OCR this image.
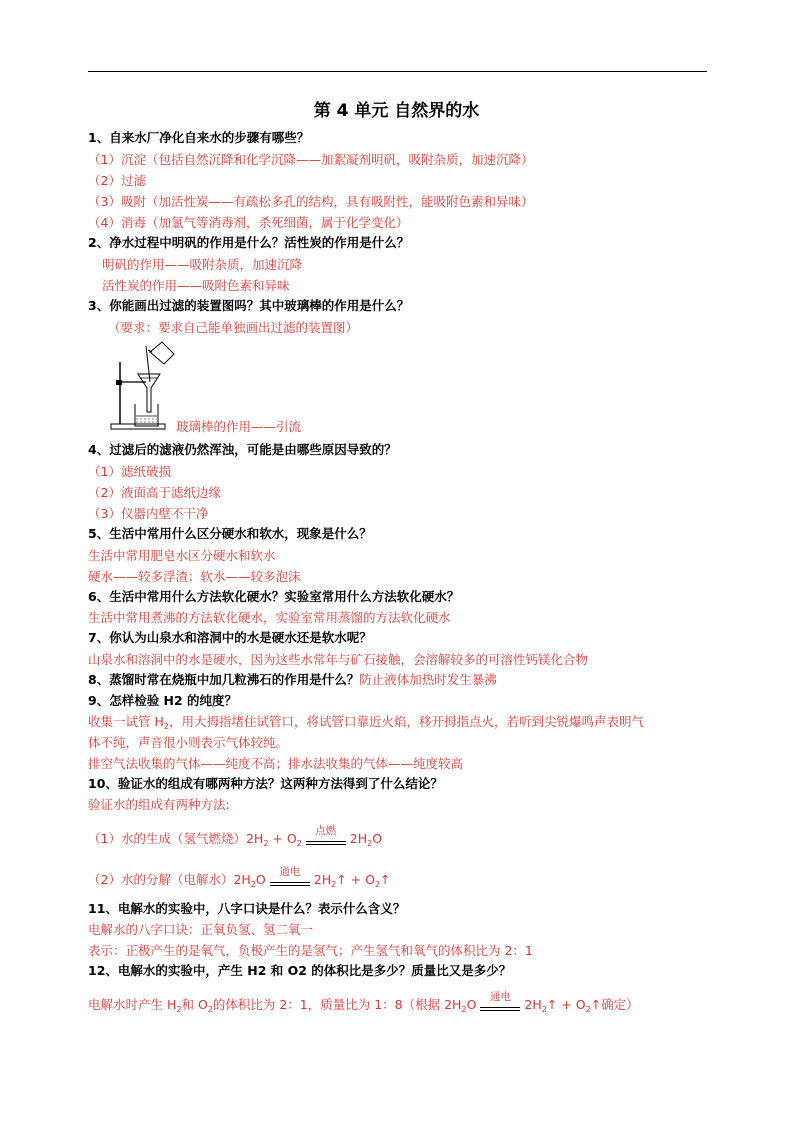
第 4 单元 自然界的水
1、自来水厂净化自来水的步骤有哪些？
（1）沉淀（包括自然沉降和化学沉降——加絮凝剂明矾，吸附杂质，加速沉降）
（2）过滤
（3）吸附（加活性炭——有疏松多孔的结构，具有吸附性，能吸附色素和异味）
（4）消毒（加氯气等消毒剂，杀死细菌，属于化学变化）
2、净水过程中明矾的作用是什么？活性炭的作用是什么？
明矾的作用——吸附杂质，加速沉降
活性炭的作用——吸附色素和异味
3、你能画出过滤的装置图吗？其中玻璃棒的作用是什么？
（要求：要求自己能单独画出过滤的装置图）
玻璃棒的作用——引流
4、过滤后的滤液仍然浑浊，可能是由哪些原因导致的？
（1）滤纸破损
（2）液面高于滤纸边缘
（3）仪器内壁不干净
5、生活中常用什么区分硬水和软水，现象是什么？
生活中常用肥皂水区分硬水和软水
硬水——较多浮渣；软水——较多泡沫
6、生活中常用什么方法软化硬水？实验室常用什么方法软化硬水？
生活中常用煮沸的方法软化硬水，实验室常用蒸馏的方法软化硬水
7、你认为山泉水和溶洞中的水是硬水还是软水呢？
山泉水和溶洞中的水是硬水，因为这些水常年与矿石接触，会溶解较多的可溶性钙镁化合物
8、蒸馏时常在烧瓶中加几粒沸石的作用是什么？防止液体加热时发生暴沸
9、怎样检验 H2 的纯度？
收集一试管 $H_2$，用大拇指堵住试管口，将试管口靠近火焰，移开拇指点火，若听到尖锐爆鸣声表明气
体不纯，声音很小则表示气体较纯。
排空气法收集的气体——纯度不高；排水法收集的气体——纯度较高
10、验证水的组成有哪两种方法？这两种方法得到了什么结论？
验证水的组成有两种方法:
（1）水的生成（氢气燃烧）$2H_2 + O_2$
点燃
$2H_2O$
（2）水的分解（电解水）$2H_2O$
通电
$2H_2↑$ + $O_2↑$
11、电解水的实验中，八字口诀是什么？表示什么含义？
电解水的八字口诀：正氧负氢、氢二氧一
表示：正极产生的是氧气，负极产生的是氢气；产生氢气和氧气的体积比为 2：1
12、电解水的实验中，产生 H2 和 O2 的体积比是多少？质量比又是多少？
电解水时产生 $H_2$和 $O_2$的体积比为 2：1，质量比为 1：8（根据 $2H_2O$
通电
$2H_2↑$ + $O_2↑$确定）
